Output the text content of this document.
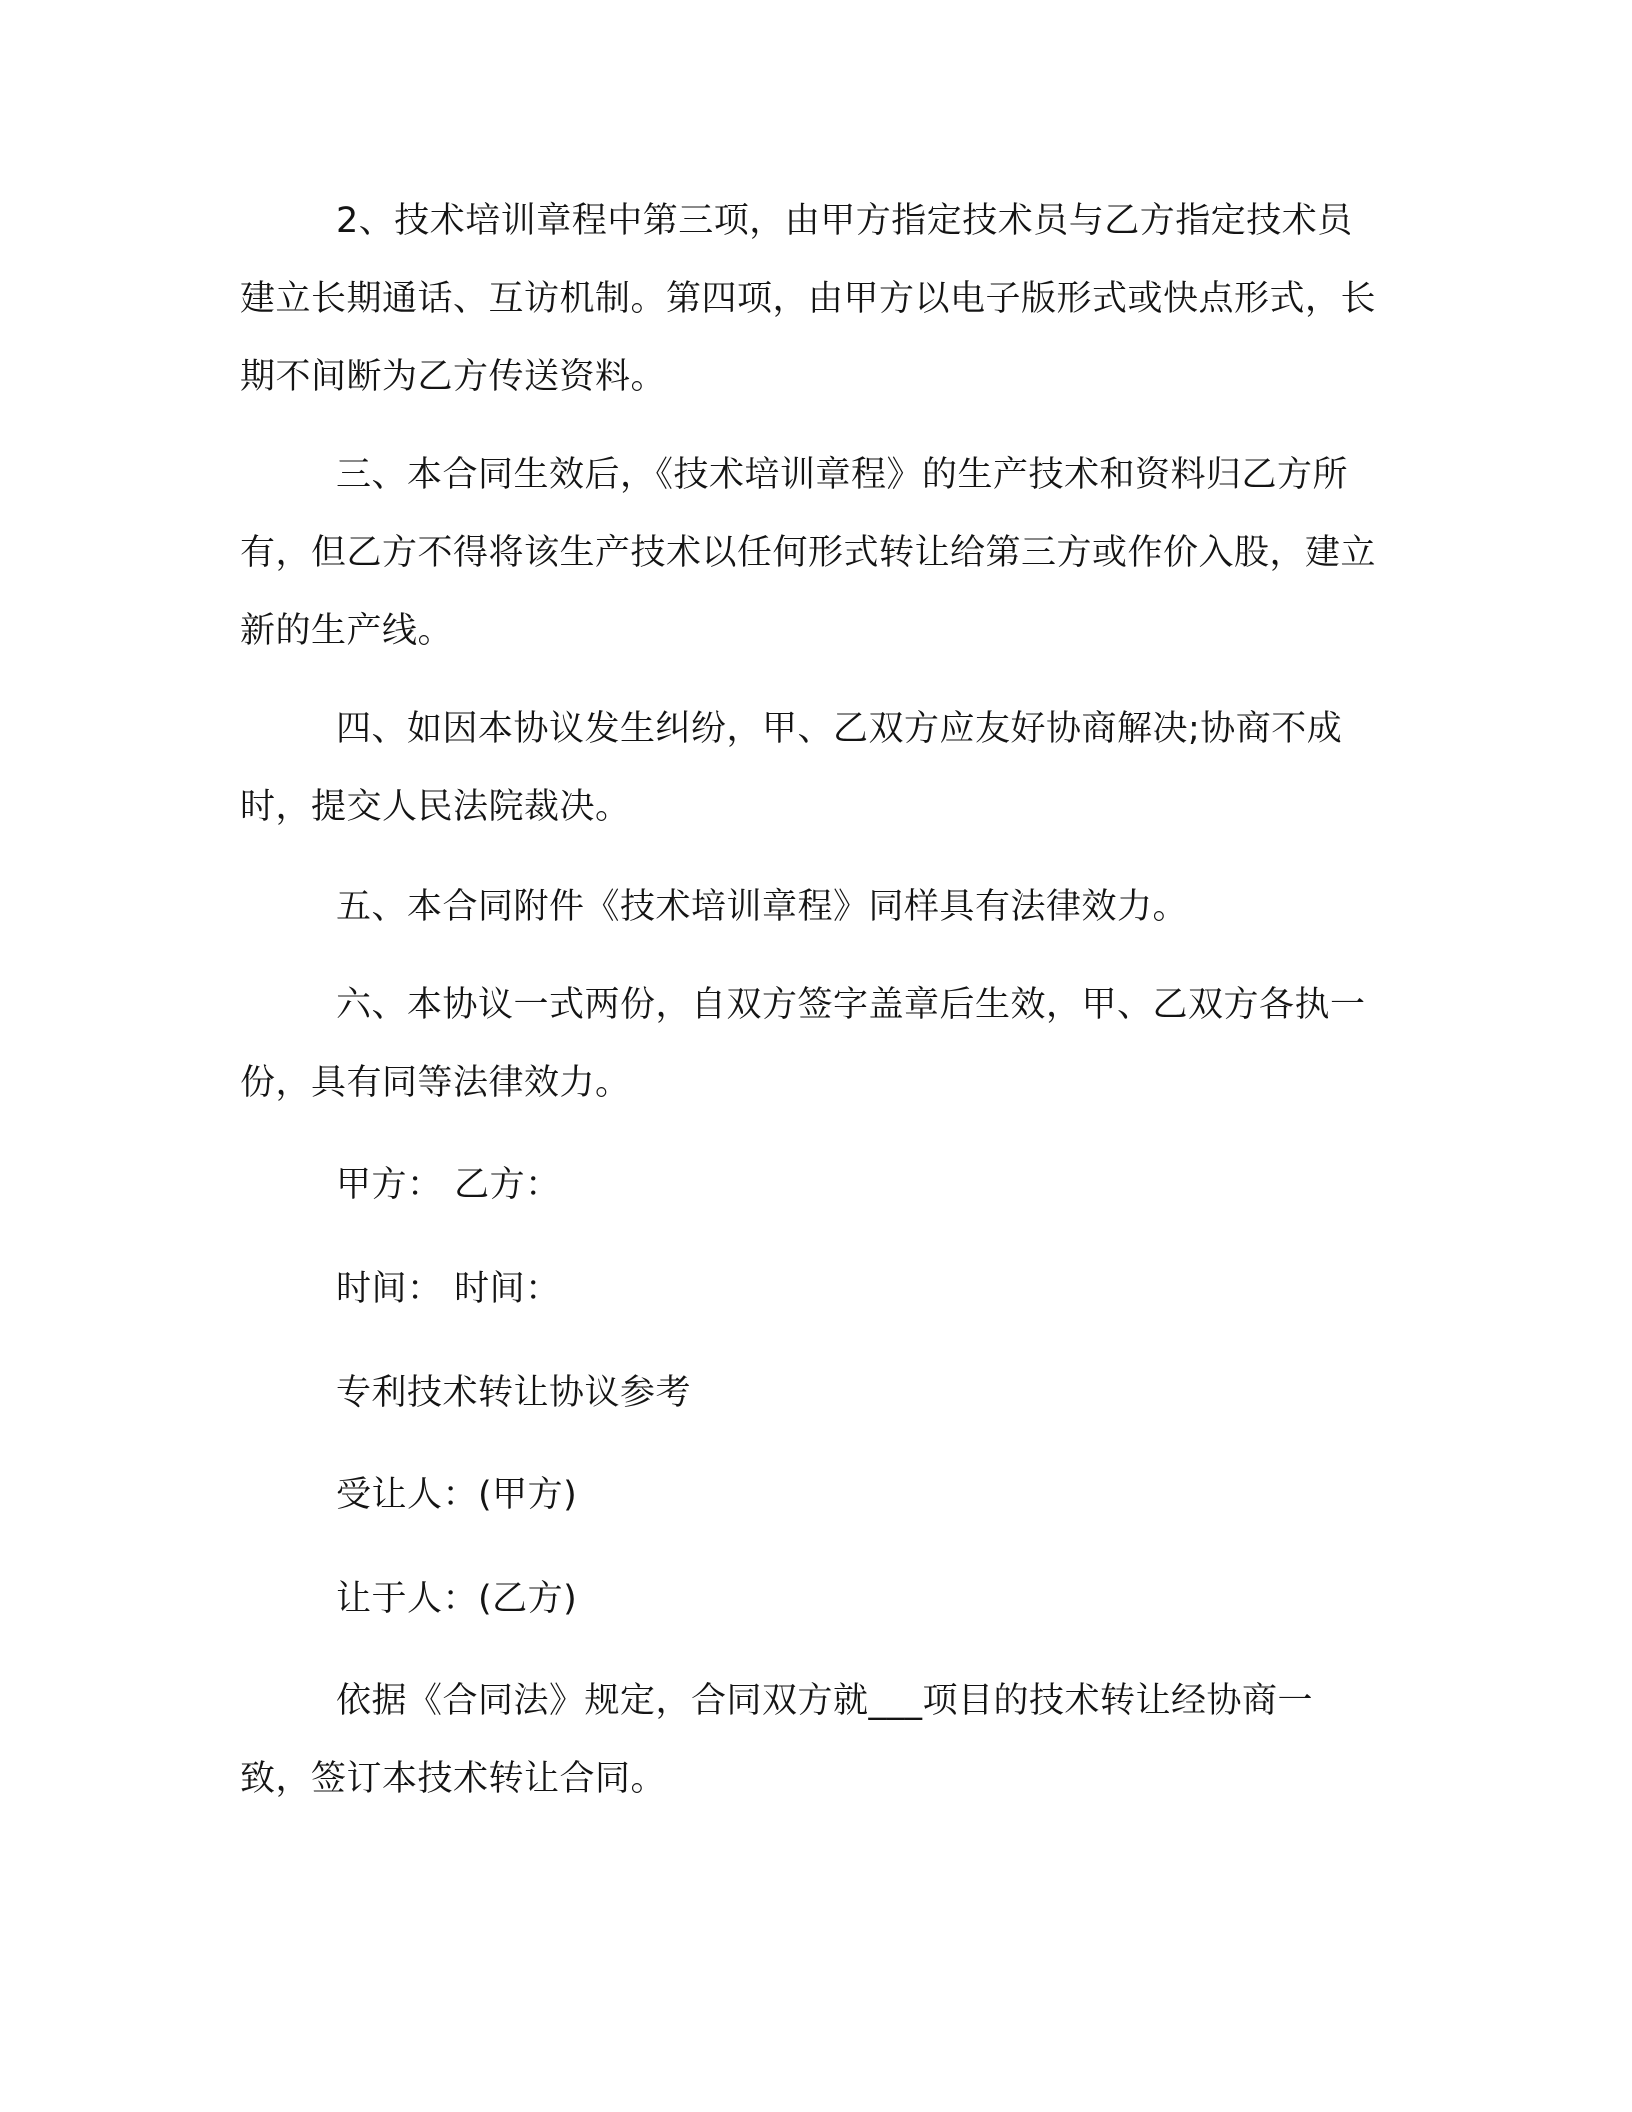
2、技术培训章程中第三项，由甲方指定技术员与乙方指定技术员建立长期通话、互访机制。第四项，由甲方以电子版形式或快点形式，长期不间断为乙方传送资料。

三、本合同生效后，《技术培训章程》的生产技术和资料归乙方所有，但乙方不得将该生产技术以任何形式转让给第三方或作价入股，建立新的生产线。

四、如因本协议发生纠纷，甲、乙双方应友好协商解决;协商不成时，提交人民法院裁决。

五、本合同附件《技术培训章程》同样具有法律效力。

六、本协议一式两份，自双方签字盖章后生效，甲、乙双方各执一份，具有同等法律效力。

甲方： 乙方：

时间： 时间：

专利技术转让协议参考

受让人：(甲方)

让于人：(乙方)

依据《合同法》规定，合同双方就___项目的技术转让经协商一致，签订本技术转让合同。
